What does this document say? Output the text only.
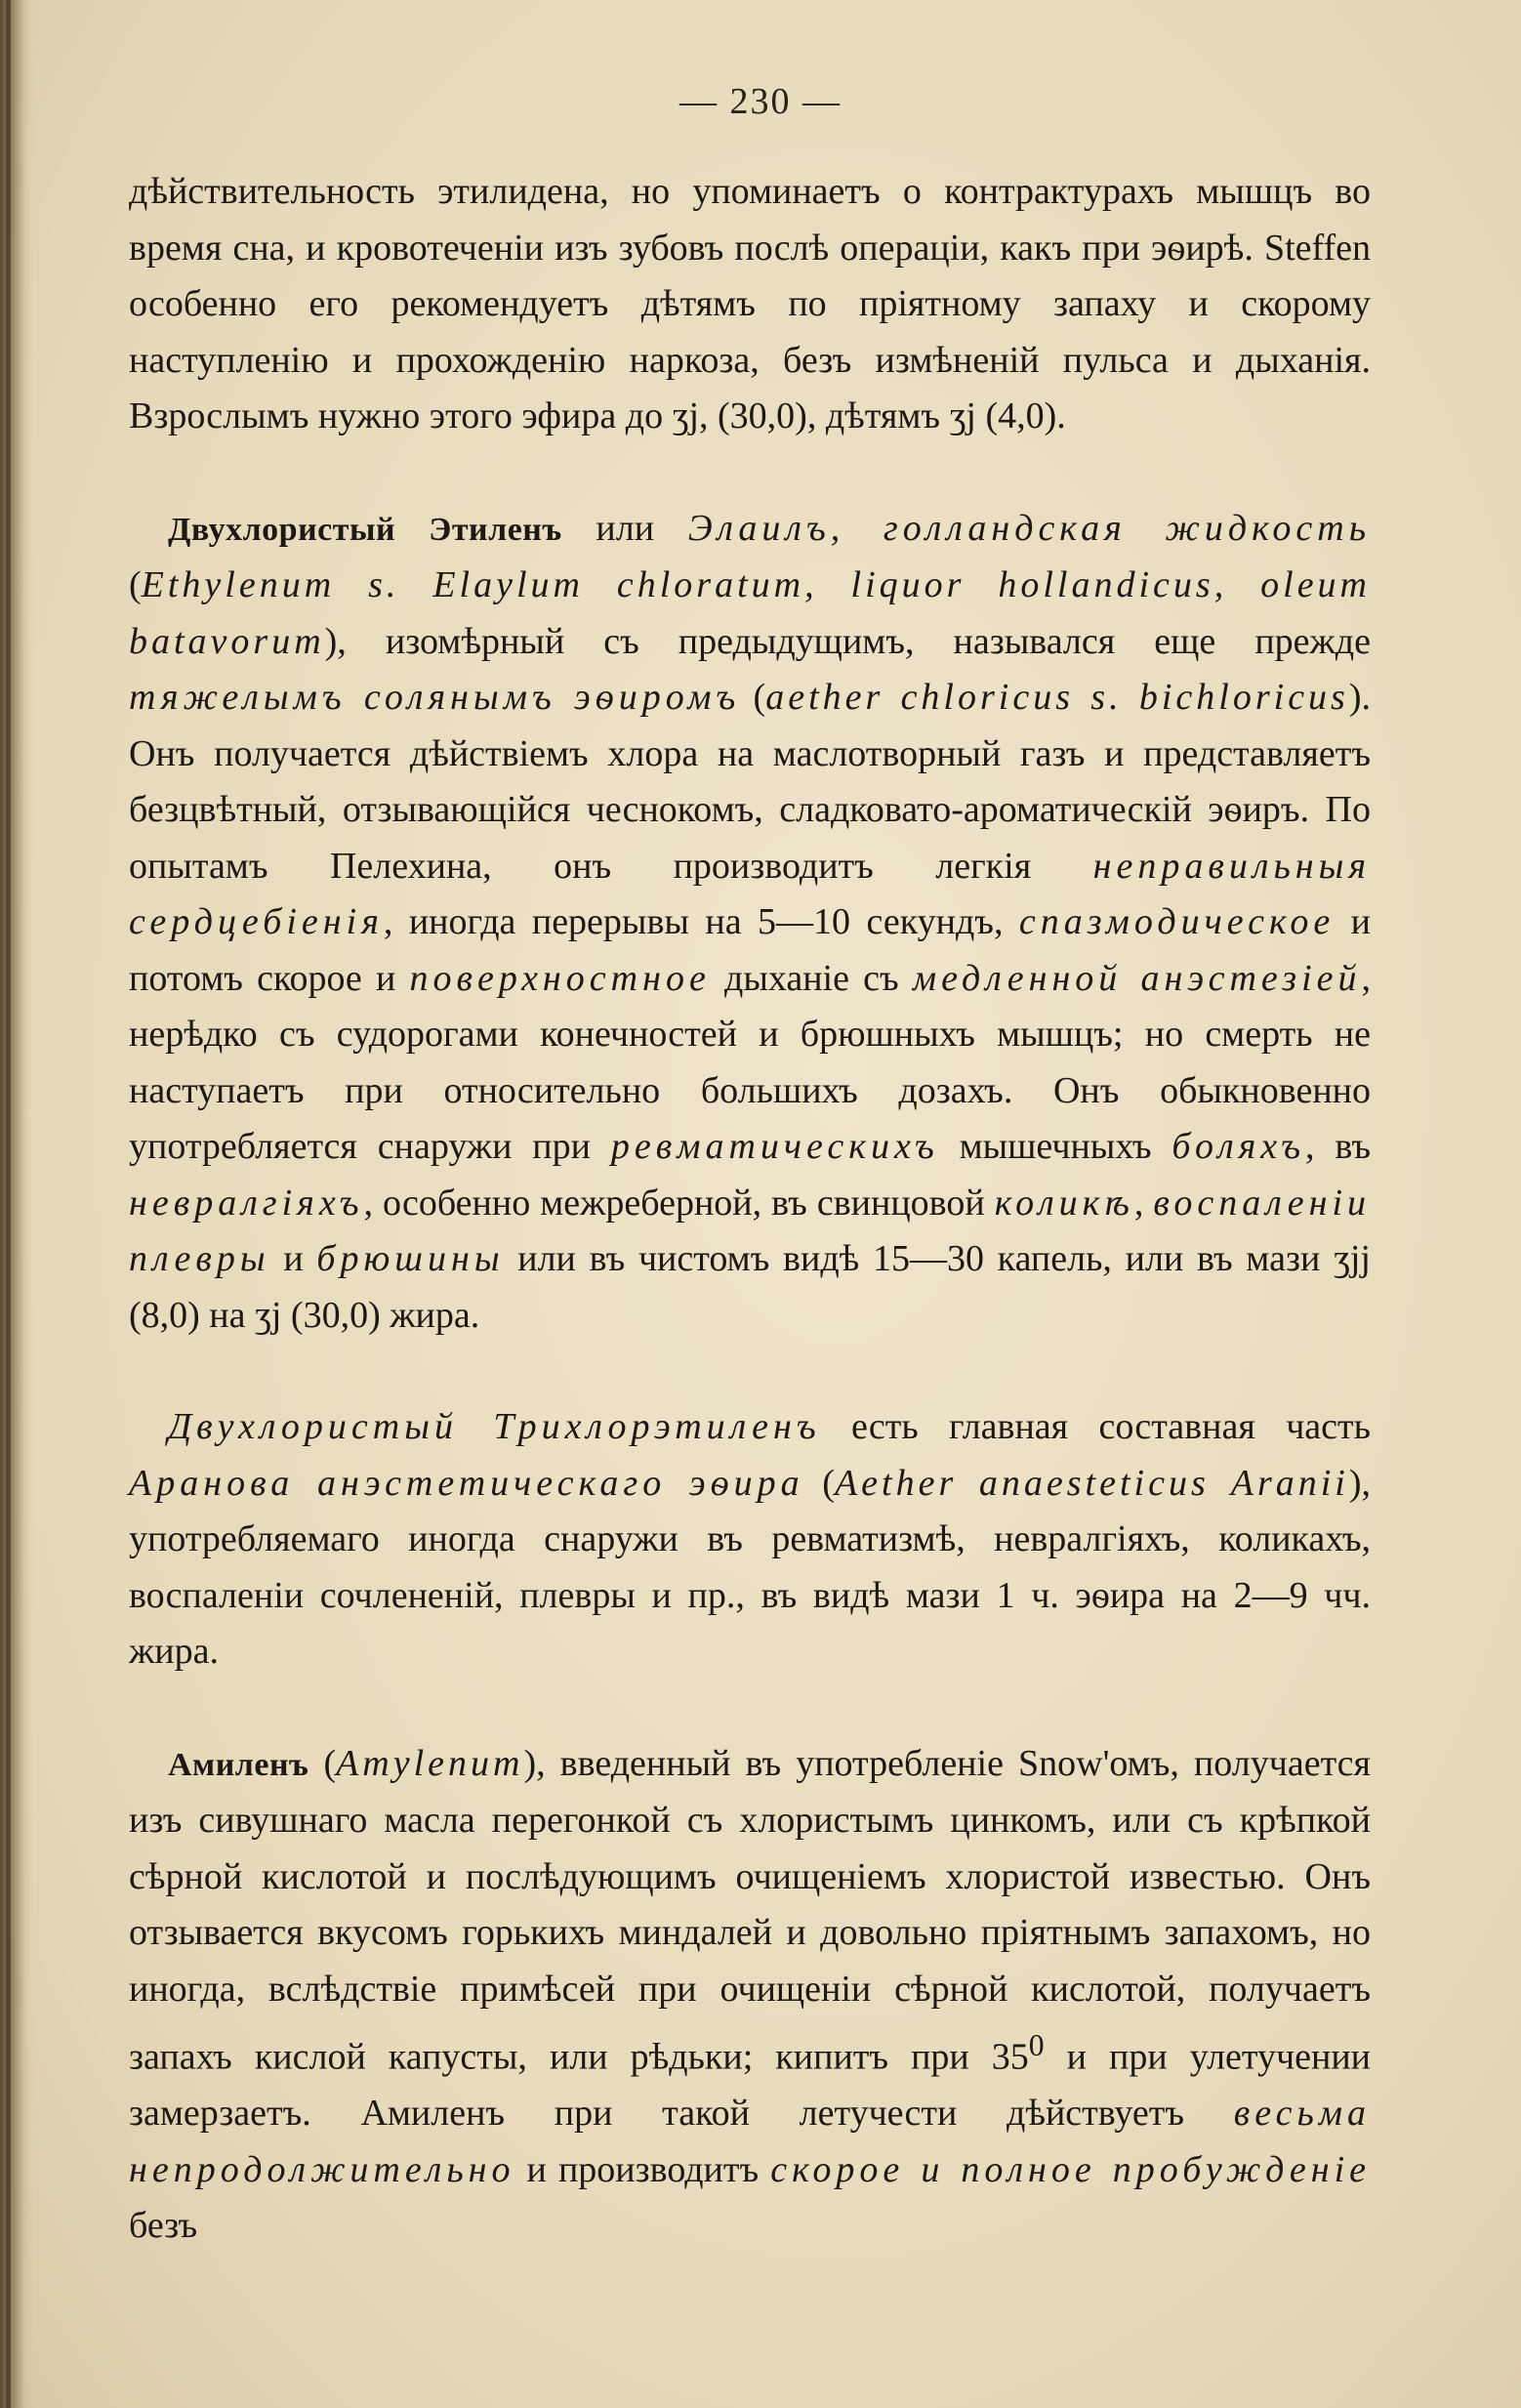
— 230 —

дѣйствительность этилидена, но упоминаетъ о контрактурахъ мышцъ во время сна, и кровотеченіи изъ зубовъ послѣ операціи, какъ при эѳирѣ. Steffen особенно его рекомендуетъ дѣтямъ по пріятному запаху и скорому наступленію и прохожденію наркоза, безъ измѣненій пульса и дыханія. Взрослымъ нужно этого эфира до ʒj, (30,0), дѣтямъ ʒj (4,0).

Двухлористый Этиленъ или Элаилъ, голландская жидкость (Ethylenum s. Elaylum chloratum, liquor hollandicus, oleum batavorum), изомѣрный съ предыдущимъ, назывался еще прежде тяжелымъ солянымъ эѳиромъ (aether chloricus s. bichloricus). Онъ получается дѣйствіемъ хлора на маслотворный газъ и представляетъ безцвѣтный, отзывающійся чеснокомъ, сладковато-ароматическій эѳиръ. По опытамъ Пелехина, онъ производитъ легкія неправильныя сердцебіенія, иногда перерывы на 5—10 секундъ, спазмодическое и потомъ скорое и поверхностное дыханіе съ медленной анэстезіей, нерѣдко съ судорогами конечностей и брюшныхъ мышцъ; но смерть не наступаетъ при относительно большихъ дозахъ. Онъ обыкновенно употребляется снаружи при ревматическихъ мышечныхъ боляхъ, въ невралгіяхъ, особенно межреберной, въ свинцовой коликѣ, воспаленіи плевры и брюшины или въ чистомъ видѣ 15—30 капель, или въ мази ʒjj (8,0) на ʒj (30,0) жира.

Двухлористый Трихлорэтиленъ есть главная составная часть Аранова анэстетическаго эѳира (Aether anaesteticus Aranii), употребляемаго иногда снаружи въ ревматизмѣ, невралгіяхъ, коликахъ, воспаленіи сочлененій, плевры и пр., въ видѣ мази 1 ч. эѳира на 2—9 чч. жира.

Амиленъ (Amylenum), введенный въ употребленіе Snow'омъ, получается изъ сивушнаго масла перегонкой съ хлористымъ цинкомъ, или съ крѣпкой сѣрной кислотой и послѣдующимъ очищеніемъ хлористой известью. Онъ отзывается вкусомъ горькихъ миндалей и довольно пріятнымъ запахомъ, но иногда, вслѣдствіе примѣсей при очищеніи сѣрной кислотой, получаетъ запахъ кислой капусты, или рѣдьки; кипитъ при $35^0$ и при улетучении замерзаетъ. Амиленъ при такой летучести дѣйствуетъ весьма непродолжительно и производитъ скорое и полное пробужденіе безъ
